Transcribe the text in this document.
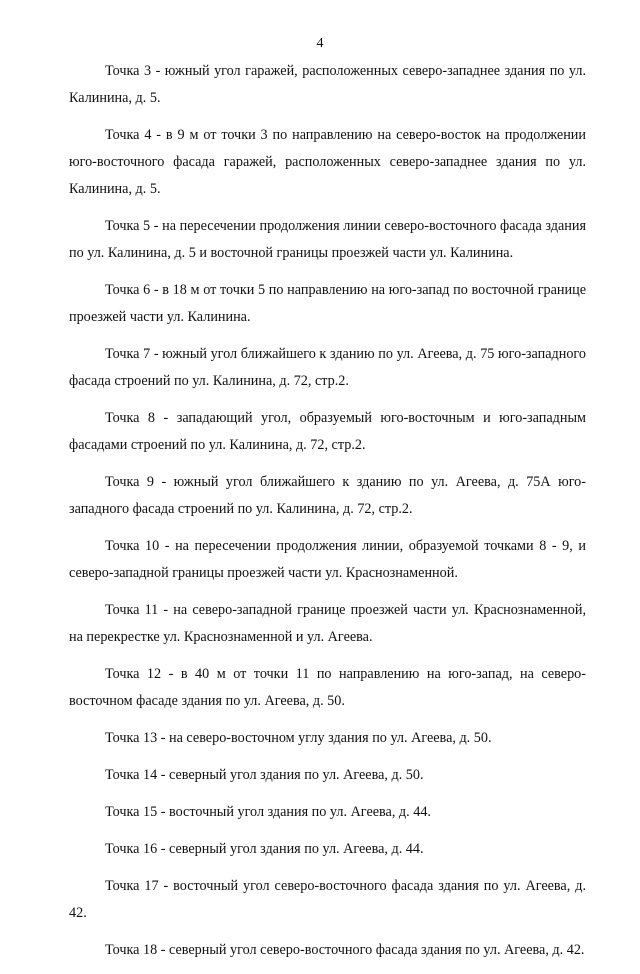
4

Точка 3 - южный угол гаражей, расположенных северо-западнее здания по ул. Калинина, д. 5.

Точка 4 - в 9 м от точки 3 по направлению на северо-восток на продолжении юго-восточного фасада гаражей, расположенных северо-западнее здания по ул. Калинина, д. 5.

Точка 5 - на пересечении продолжения линии северо-восточного фасада здания по ул. Калинина, д. 5 и восточной границы проезжей части ул. Калинина.

Точка 6 - в 18 м от точки 5 по направлению на юго-запад по восточной границе проезжей части ул. Калинина.

Точка 7 - южный угол ближайшего к зданию по ул. Агеева, д. 75 юго-западного фасада строений по ул. Калинина, д. 72, стр.2.

Точка 8 - западающий угол, образуемый юго-восточным и юго-западным фасадами строений по ул. Калинина, д. 72, стр.2.

Точка 9 - южный угол ближайшего к зданию по ул. Агеева, д. 75А юго-западного фасада строений по ул. Калинина, д. 72, стр.2.

Точка 10 - на пересечении продолжения линии, образуемой точками 8 - 9, и северо-западной границы проезжей части ул. Краснознаменной.

Точка 11 - на северо-западной границе проезжей части ул. Краснознаменной, на перекрестке ул. Краснознаменной и ул. Агеева.

Точка 12 - в 40 м от точки 11 по направлению на юго-запад, на северо-восточном фасаде здания по ул. Агеева, д. 50.

Точка 13 - на северо-восточном углу здания по ул. Агеева, д. 50.

Точка 14 - северный угол здания по ул. Агеева, д. 50.

Точка 15 - восточный угол здания по ул. Агеева, д. 44.

Точка 16 - северный угол здания по ул. Агеева, д. 44.

Точка 17 - восточный угол северо-восточного фасада здания по ул. Агеева, д. 42.

Точка 18 - северный угол северо-восточного фасада здания по ул. Агеева, д. 42.
